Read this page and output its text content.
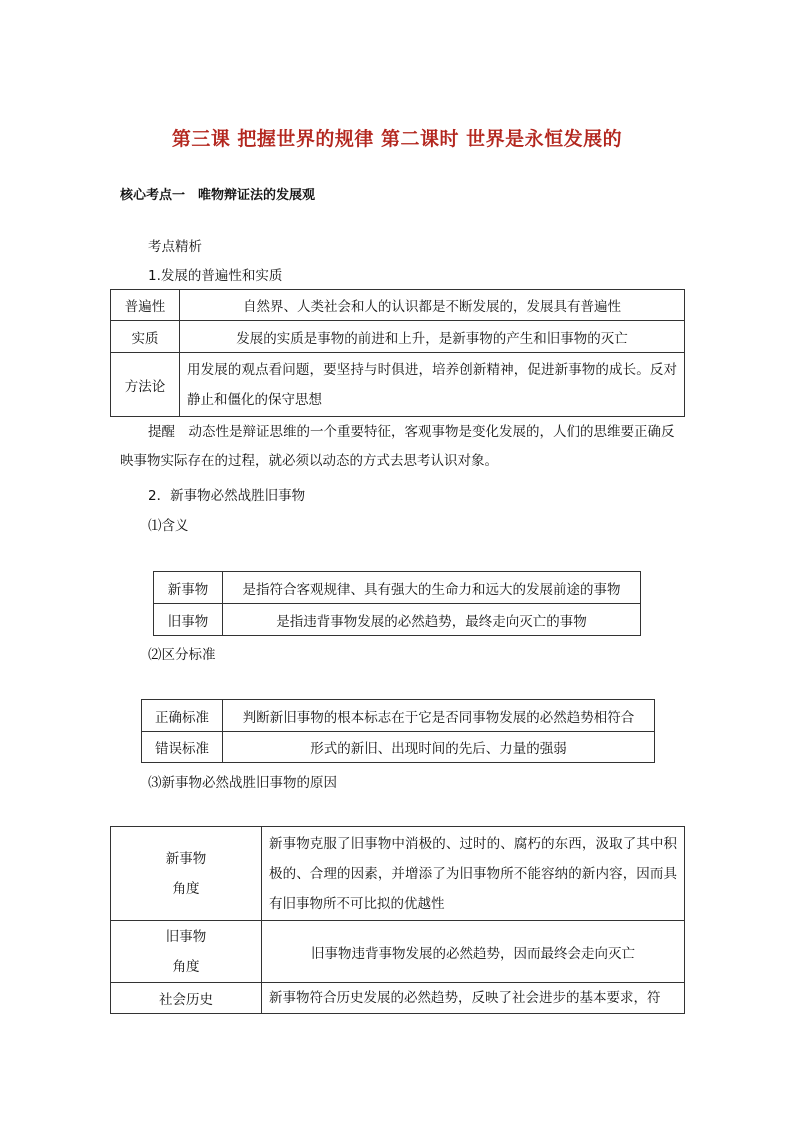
第三课 把握世界的规律 第二课时 世界是永恒发展的
核心考点一　唯物辩证法的发展观
考点精析
1.发展的普遍性和实质
普遍性	自然界、人类社会和人的认识都是不断发展的，发展具有普遍性
实质	发展的实质是事物的前进和上升，是新事物的产生和旧事物的灭亡
方法论	用发展的观点看问题，要坚持与时俱进，培养创新精神，促进新事物的成长。反对静止和僵化的保守思想
提醒　动态性是辩证思维的一个重要特征，客观事物是变化发展的，人们的思维要正确反映事物实际存在的过程，就必须以动态的方式去思考认识对象。
2．新事物必然战胜旧事物
⑴含义
新事物	是指符合客观规律、具有强大的生命力和远大的发展前途的事物
旧事物	是指违背事物发展的必然趋势，最终走向灭亡的事物
⑵区分标准
正确标准	判断新旧事物的根本标志在于它是否同事物发展的必然趋势相符合
错误标准	形式的新旧、出现时间的先后、力量的强弱
⑶新事物必然战胜旧事物的原因
新事物
角度	新事物克服了旧事物中消极的、过时的、腐朽的东西，汲取了其中积极的、合理的因素，并增添了为旧事物所不能容纳的新内容，因而具有旧事物所不可比拟的优越性

旧事物
角度	旧事物违背事物发展的必然趋势，因而最终会走向灭亡
社会历史	新事物符合历史发展的必然趋势，反映了社会进步的基本要求，符
